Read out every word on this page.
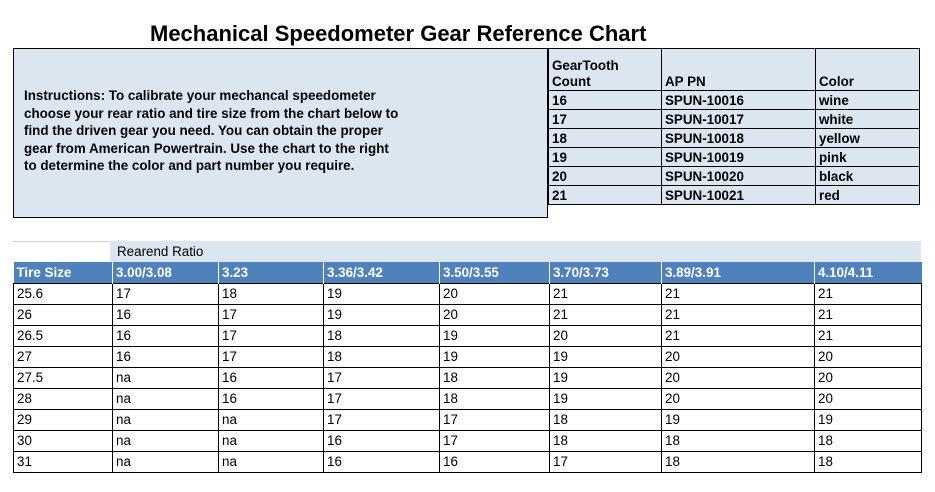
Mechanical Speedometer Gear Reference Chart
Instructions: To calibrate your mechancal speedometer
choose your rear ratio and tire size from the chart below to
find the driven gear you need. You can obtain the proper
gear from American Powertrain. Use the chart to the right
to determine the color and part number you require.
GearTooth Count	AP PN	Color
16	SPUN-10016	wine
17	SPUN-10017	white
18	SPUN-10018	yellow
19	SPUN-10019	pink
20	SPUN-10020	black
21	SPUN-10021	red
Rearend Ratio
Tire Size	3.00/3.08	3.23	3.36/3.42	3.50/3.55	3.70/3.73	3.89/3.91	4.10/4.11
25.6	17	18	19	20	21	21	21
26	16	17	19	20	21	21	21
26.5	16	17	18	19	20	21	21
27	16	17	18	19	19	20	20
27.5	na	16	17	18	19	20	20
28	na	16	17	18	19	20	20
29	na	na	17	17	18	19	19
30	na	na	16	17	18	18	18
31	na	na	16	16	17	18	18
